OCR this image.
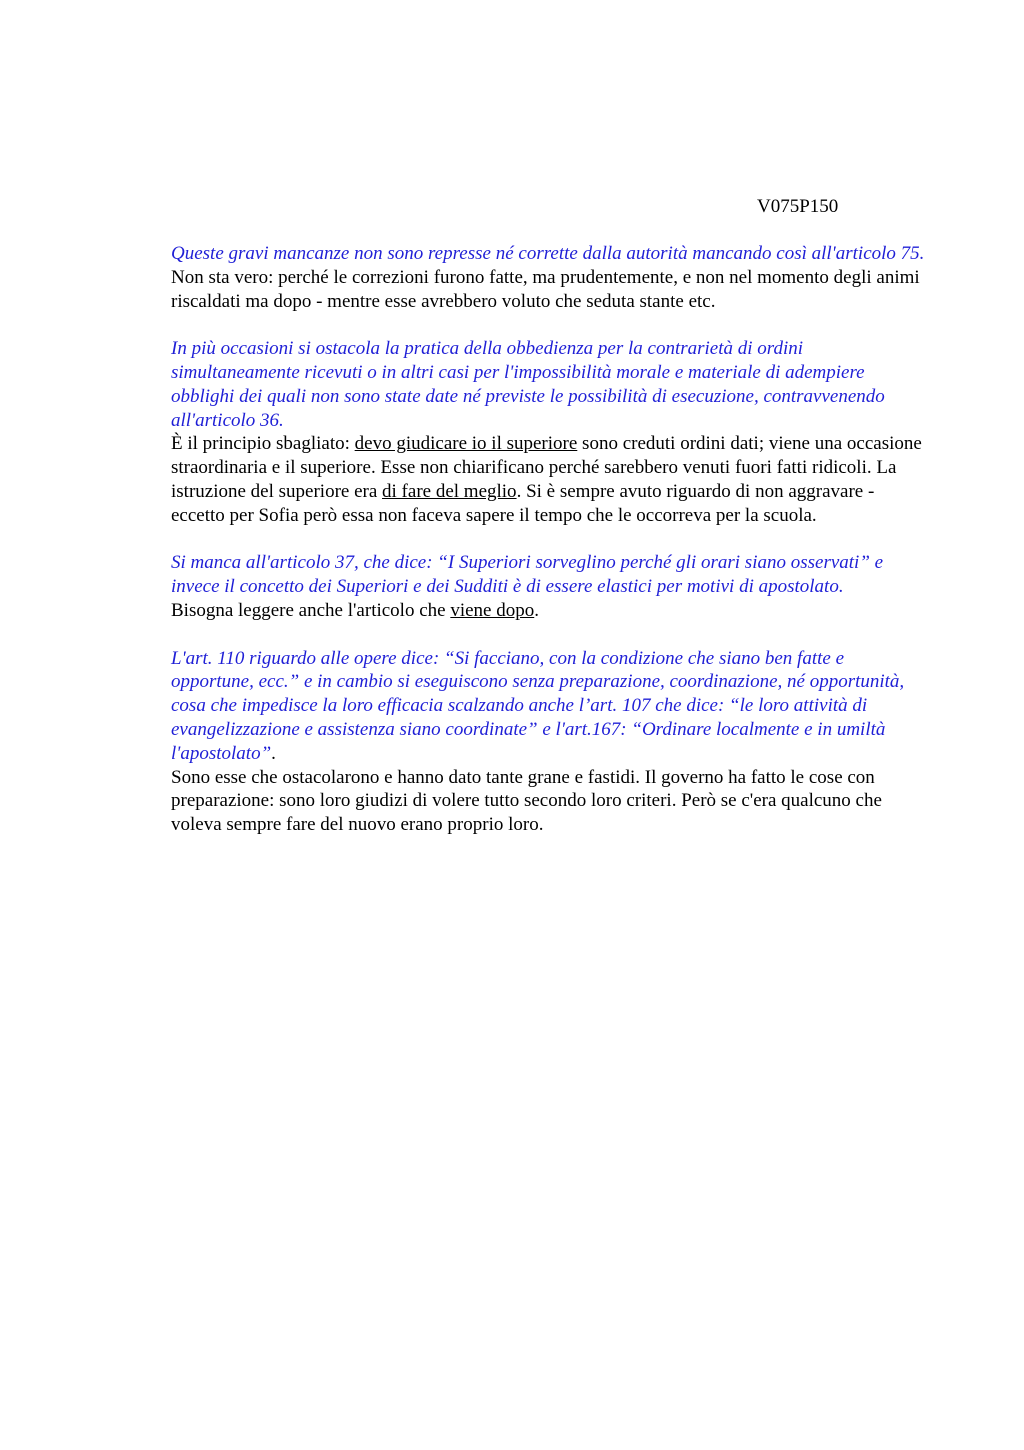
V075P150

Queste gravi mancanze non sono represse né corrette dalla autorità mancando così all'articolo 75.

Non sta vero: perché le correzioni furono fatte, ma prudentemente, e non nel momento degli animi riscaldati ma dopo - mentre esse avrebbero voluto che seduta stante etc.

In più occasioni si ostacola la pratica della obbedienza per la contrarietà di ordini simultaneamente ricevuti o in altri casi per l'impossibilità morale e materiale di adempiere obblighi dei quali non sono state date né previste le possibilità di esecuzione, contravvenendo all'articolo 36.

È il principio sbagliato: devo giudicare io il superiore sono creduti ordini dati; viene una occasione straordinaria e il superiore. Esse non chiarificano perché sarebbero venuti fuori fatti ridicoli. La istruzione del superiore era di fare del meglio. Si è sempre avuto riguardo di non aggravare - eccetto per Sofia però essa non faceva sapere il tempo che le occorreva per la scuola.

Si manca all'articolo 37, che dice: “I Superiori sorveglino perché gli orari siano osservati” e invece il concetto dei Superiori e dei Sudditi è di essere elastici per motivi di apostolato.

Bisogna leggere anche l'articolo che viene dopo.

L'art. 110 riguardo alle opere dice: “Si facciano, con la condizione che siano ben fatte e opportune, ecc.” e in cambio si eseguiscono senza preparazione, coordinazione, né opportunità, cosa che impedisce la loro efficacia scalzando anche l’art. 107 che dice: “le loro attività di evangelizzazione e assistenza siano coordinate” e l'art.167: “Ordinare localmente e in umiltà l'apostolato”.

Sono esse che ostacolarono e hanno dato tante grane e fastidi. Il governo ha fatto le cose con preparazione: sono loro giudizi di volere tutto secondo loro criteri. Però se c'era qualcuno che voleva sempre fare del nuovo erano proprio loro.
